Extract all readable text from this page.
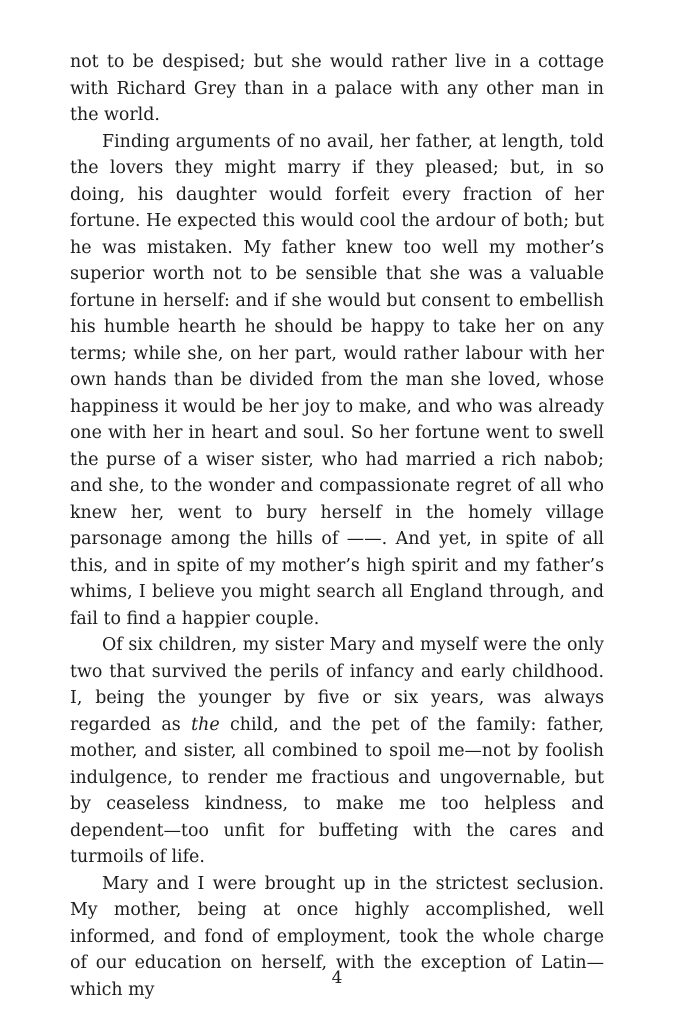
not to be despised; but she would rather live in a cottage with Richard Grey than in a palace with any other man in the world.

Finding arguments of no avail, her father, at length, told the lovers they might marry if they pleased; but, in so doing, his daughter would forfeit every fraction of her fortune. He expected this would cool the ardour of both; but he was mistaken. My father knew too well my mother’s superior worth not to be sensible that she was a valuable fortune in herself: and if she would but consent to embellish his humble hearth he should be happy to take her on any terms; while she, on her part, would rather labour with her own hands than be divided from the man she loved, whose happiness it would be her joy to make, and who was already one with her in heart and soul. So her fortune went to swell the purse of a wiser sister, who had married a rich nabob; and she, to the wonder and compassionate regret of all who knew her, went to bury herself in the homely village parsonage among the hills of ——. And yet, in spite of all this, and in spite of my mother’s high spirit and my father’s whims, I believe you might search all England through, and fail to find a happier couple.

Of six children, my sister Mary and myself were the only two that survived the perils of infancy and early childhood. I, being the younger by five or six years, was always regarded as the child, and the pet of the family: father, mother, and sister, all combined to spoil me—not by foolish indulgence, to render me fractious and ungovernable, but by ceaseless kindness, to make me too helpless and dependent—too unfit for buffeting with the cares and turmoils of life.

Mary and I were brought up in the strictest seclusion. My mother, being at once highly accomplished, well informed, and fond of employment, took the whole charge of our education on herself, with the exception of Latin—which my

4
